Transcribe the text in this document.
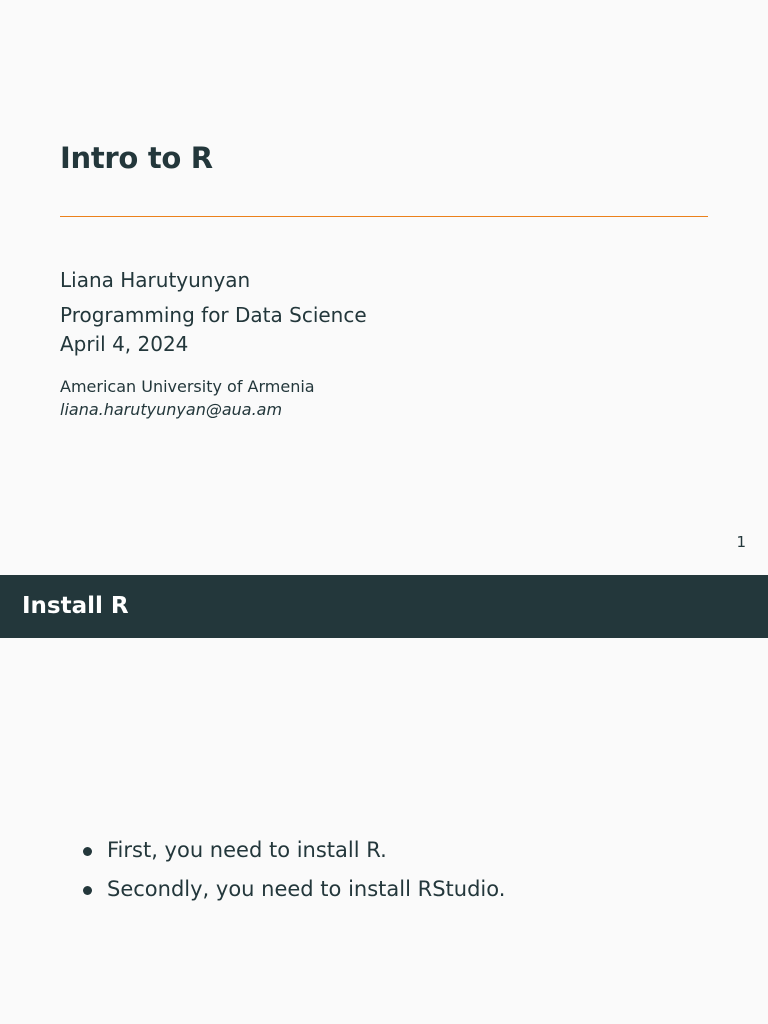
Intro to R
Liana Harutyunyan
Programming for Data Science
April 4, 2024
American University of Armenia
liana.harutyunyan@aua.am
1
Install R
First, you need to install R.
Secondly, you need to install RStudio.
